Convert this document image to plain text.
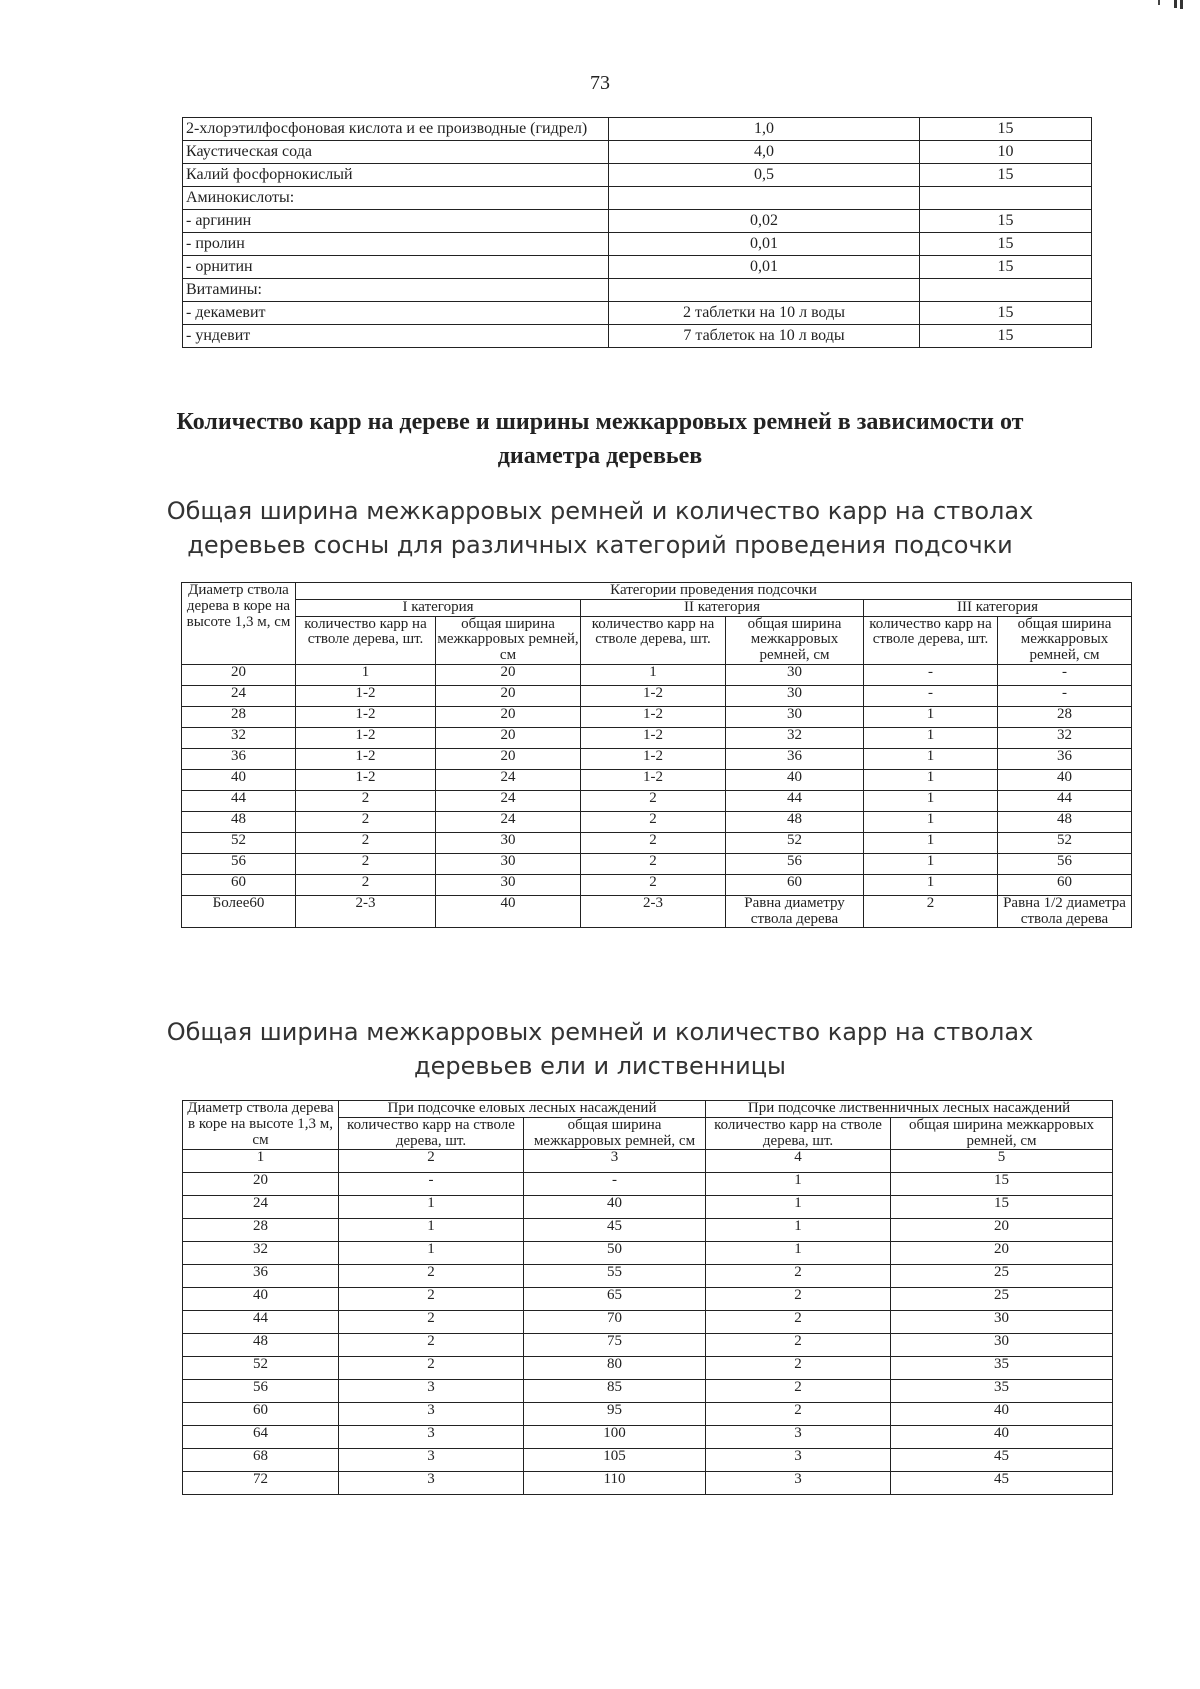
73
2-хлорэтилфосфоновая кислота и ее производные (гидрел)	1,0	15
Каустическая сода	4,0	10
Калий фосфорнокислый	0,5	15
Аминокислоты:		
- аргинин	0,02	15
- пролин	0,01	15
- орнитин	0,01	15
Витамины:		
- декамевит	2 таблетки на 10 л воды	15
- ундевит	7 таблеток на 10 л воды	15
Количество карр на дереве и ширины межкарровых ремней в зависимости от диаметра деревьев
Общая ширина межкарровых ремней и количество карр на стволах деревьев сосны для различных категорий проведения подсочки
Диаметр ствола дерева в коре на высоте 1,3 м, см	Категории проведения подсочки					
	I категория		II категория		III категория	
	количество карр на стволе дерева, шт.	общая ширина межкарровых ремней, см	количество карр на стволе дерева, шт.	общая ширина межкарровых ремней, см	количество карр на стволе дерева, шт.	общая ширина межкарровых ремней, см
20	1	20	1	30	-	-
24	1-2	20	1-2	30	-	-
28	1-2	20	1-2	30	1	28
32	1-2	20	1-2	32	1	32
36	1-2	20	1-2	36	1	36
40	1-2	24	1-2	40	1	40
44	2	24	2	44	1	44
48	2	24	2	48	1	48
52	2	30	2	52	1	52
56	2	30	2	56	1	56
60	2	30	2	60	1	60
Более60	2-3	40	2-3	Равна диаметру ствола дерева	2	Равна 1/2 диаметра ствола дерева
Общая ширина межкарровых ремней и количество карр на стволах деревьев ели и лиственницы
Диаметр ствола дерева в коре на высоте 1,3 м, см	При подсочке еловых лесных насаждений		При подсочке лиственничных лесных насаждений	
	количество карр на стволе дерева, шт.	общая ширина межкарровых ремней, см	количество карр на стволе дерева, шт.	общая ширина межкарровых ремней, см
1	2	3	4	5
20	-	-	1	15
24	1	40	1	15
28	1	45	1	20
32	1	50	1	20
36	2	55	2	25
40	2	65	2	25
44	2	70	2	30
48	2	75	2	30
52	2	80	2	35
56	3	85	2	35
60	3	95	2	40
64	3	100	3	40
68	3	105	3	45
72	3	110	3	45
